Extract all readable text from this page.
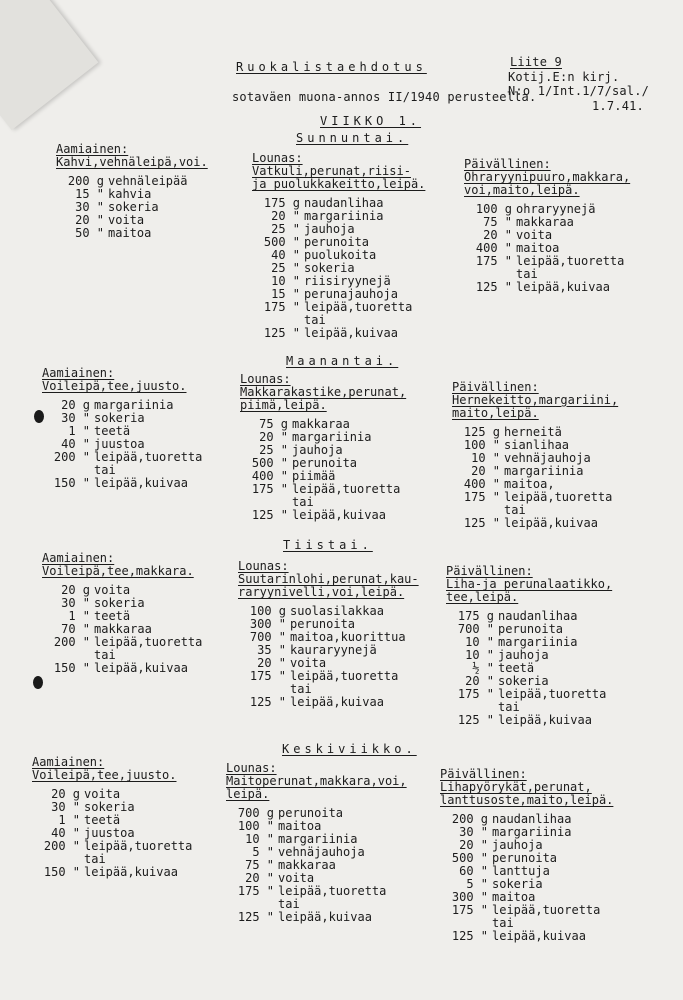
Ruokalistaehdotus
sotaväen muona-annos II/1940 perusteella.
Liite 9
Kotij.E:n kirj.
N:o 1/Int.1/7/sal./
1.7.41.
VIIKKO 1.
Sunnuntai.
Maanantai.
Tiistai.
Keskiviikko.
Aamiainen:
Kahvi,vehnäleipä,voi.
200 g vehnäleipää
15 " kahvia
30 " sokeria
20 " voita
50 " maitoa
Lounas:
Vatkuli,perunat,riisi-
ja puolukkakeitto,leipä.
175 g naudanlihaa
20 " margariinia
25 " jauhoja
500 " perunoita
40 " puolukoita
25 " sokeria
10 " riisiryynejä
15 " perunajauhoja
175 " leipää,tuoretta
tai
125 " leipää,kuivaa
Päivällinen:
Ohraryynipuuro,makkara,
voi,maito,leipä.
100 g ohraryynejä
75 " makkaraa
20 " voita
400 " maitoa
175 " leipää,tuoretta
tai
125 " leipää,kuivaa
Aamiainen:
Voileipä,tee,juusto.
20 g margariinia
30 " sokeria
1 " teetä
40 " juustoa
200 " leipää,tuoretta
tai
150 " leipää,kuivaa
Lounas:
Makkarakastike,perunat,
piimä,leipä.
75 g makkaraa
20 " margariinia
25 " jauhoja
500 " perunoita
400 " piimää
175 " leipää,tuoretta
tai
125 " leipää,kuivaa
Päivällinen:
Hernekeitto,margariini,
maito,leipä.
125 g herneitä
100 " sianlihaa
10 " vehnäjauhoja
20 " margariinia
400 " maitoa,
175 " leipää,tuoretta
tai
125 " leipää,kuivaa
Aamiainen:
Voileipä,tee,makkara.
20 g voita
30 " sokeria
1 " teetä
70 " makkaraa
200 " leipää,tuoretta
tai
150 " leipää,kuivaa
Lounas:
Suutarinlohi,perunat,kau-
raryynivelli,voi,leipä.
100 g suolasilakkaa
300 " perunoita
700 " maitoa,kuorittua
35 " kauraryynejä
20 " voita
175 " leipää,tuoretta
tai
125 " leipää,kuivaa
Päivällinen:
Liha-ja perunalaatikko,
tee,leipä.
175 g naudanlihaa
700 " perunoita
10 " margariinia
10 " jauhoja
½ " teetä
20 " sokeria
175 " leipää,tuoretta
tai
125 " leipää,kuivaa
Aamiainen:
Voileipä,tee,juusto.
20 g voita
30 " sokeria
1 " teetä
40 " juustoa
200 " leipää,tuoretta
tai
150 " leipää,kuivaa
Lounas:
Maitoperunat,makkara,voi,
leipä.
700 g perunoita
100 " maitoa
10 " margariinia
5 " vehnäjauhoja
75 " makkaraa
20 " voita
175 " leipää,tuoretta
tai
125 " leipää,kuivaa
Päivällinen:
Lihapyörykät,perunat,
lanttusoste,maito,leipä.
200 g naudanlihaa
30 " margariinia
20 " jauhoja
500 " perunoita
60 " lanttuja
5 " sokeria
300 " maitoa
175 " leipää,tuoretta
tai
125 " leipää,kuivaa
